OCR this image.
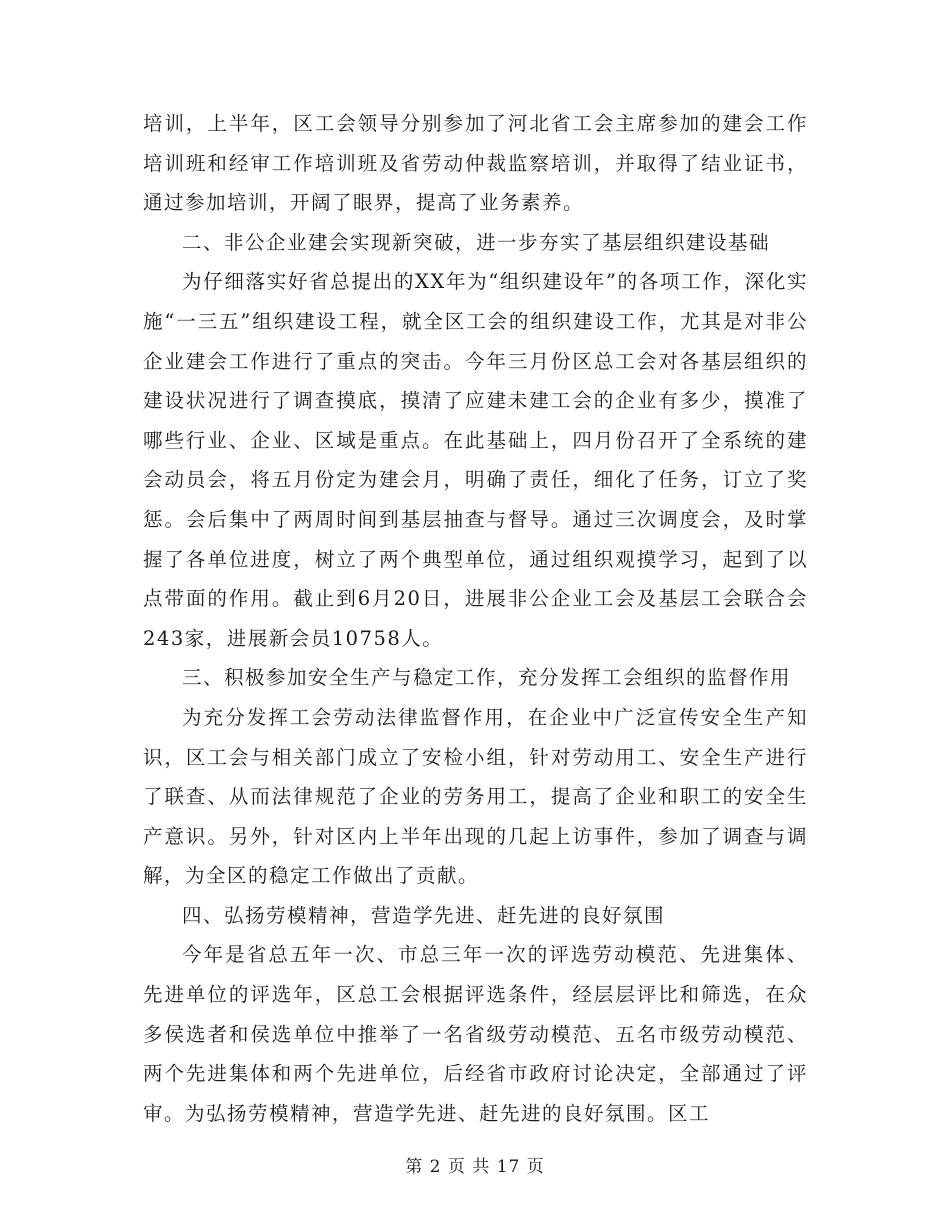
培训，上半年，区工会领导分别参加了河北省工会主席参加的建会工作培训班和经审工作培训班及省劳动仲裁监察培训，并取得了结业证书，通过参加培训，开阔了眼界，提高了业务素养。

二、非公企业建会实现新突破，进一步夯实了基层组织建设基础

为仔细落实好省总提出的XX年为“组织建设年”的各项工作，深化实施“一三五”组织建设工程，就全区工会的组织建设工作，尤其是对非公企业建会工作进行了重点的突击。今年三月份区总工会对各基层组织的建设状况进行了调查摸底，摸清了应建未建工会的企业有多少，摸准了哪些行业、企业、区域是重点。在此基础上，四月份召开了全系统的建会动员会，将五月份定为建会月，明确了责任，细化了任务，订立了奖惩。会后集中了两周时间到基层抽查与督导。通过三次调度会，及时掌握了各单位进度，树立了两个典型单位，通过组织观摸学习，起到了以点带面的作用。截止到6月20日，进展非公企业工会及基层工会联合会243家，进展新会员10758人。

三、积极参加安全生产与稳定工作，充分发挥工会组织的监督作用

为充分发挥工会劳动法律监督作用，在企业中广泛宣传安全生产知识，区工会与相关部门成立了安检小组，针对劳动用工、安全生产进行了联查、从而法律规范了企业的劳务用工，提高了企业和职工的安全生产意识。另外，针对区内上半年出现的几起上访事件，参加了调查与调解，为全区的稳定工作做出了贡献。

四、弘扬劳模精神，营造学先进、赶先进的良好氛围

今年是省总五年一次、市总三年一次的评选劳动模范、先进集体、先进单位的评选年，区总工会根据评选条件，经层层评比和筛选，在众多侯选者和侯选单位中推举了一名省级劳动模范、五名市级劳动模范、两个先进集体和两个先进单位，后经省市政府讨论决定，全部通过了评审。为弘扬劳模精神，营造学先进、赶先进的良好氛围。区工

第 2 页 共 17 页
